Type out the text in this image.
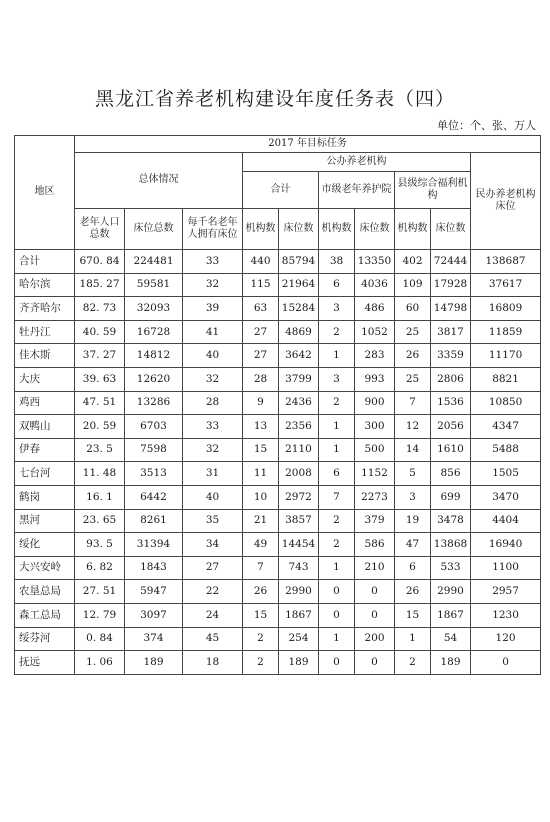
黑龙江省养老机构建设年度任务表（四）
单位：个、张、万人
地区	2017 年目标任务									
	总体情况			公办养老机构						民办养老机构床位
				合计		市级老年养护院		县级综合福利机构		
	老年人口总数	床位总数	每千名老年人拥有床位	机构数	床位数	机构数	床位数	机构数	床位数	
合计	670. 84	224481	33	440	85794	38	13350	402	72444	138687
哈尔滨	185. 27	59581	32	115	21964	6	4036	109	17928	37617
齐齐哈尔	82. 73	32093	39	63	15284	3	486	60	14798	16809
牡丹江	40. 59	16728	41	27	4869	2	1052	25	3817	11859
佳木斯	37. 27	14812	40	27	3642	1	283	26	3359	11170
大庆	39. 63	12620	32	28	3799	3	993	25	2806	8821
鸡西	47. 51	13286	28	9	2436	2	900	7	1536	10850
双鸭山	20. 59	6703	33	13	2356	1	300	12	2056	4347
伊春	23. 5	7598	32	15	2110	1	500	14	1610	5488
七台河	11. 48	3513	31	11	2008	6	1152	5	856	1505
鹤岗	16. 1	6442	40	10	2972	7	2273	3	699	3470
黑河	23. 65	8261	35	21	3857	2	379	19	3478	4404
绥化	93. 5	31394	34	49	14454	2	586	47	13868	16940
大兴安岭	6. 82	1843	27	7	743	1	210	6	533	1100
农垦总局	27. 51	5947	22	26	2990	0	0	26	2990	2957
森工总局	12. 79	3097	24	15	1867	0	0	15	1867	1230
绥芬河	0. 84	374	45	2	254	1	200	1	54	120
抚远	1. 06	189	18	2	189	0	0	2	189	0
